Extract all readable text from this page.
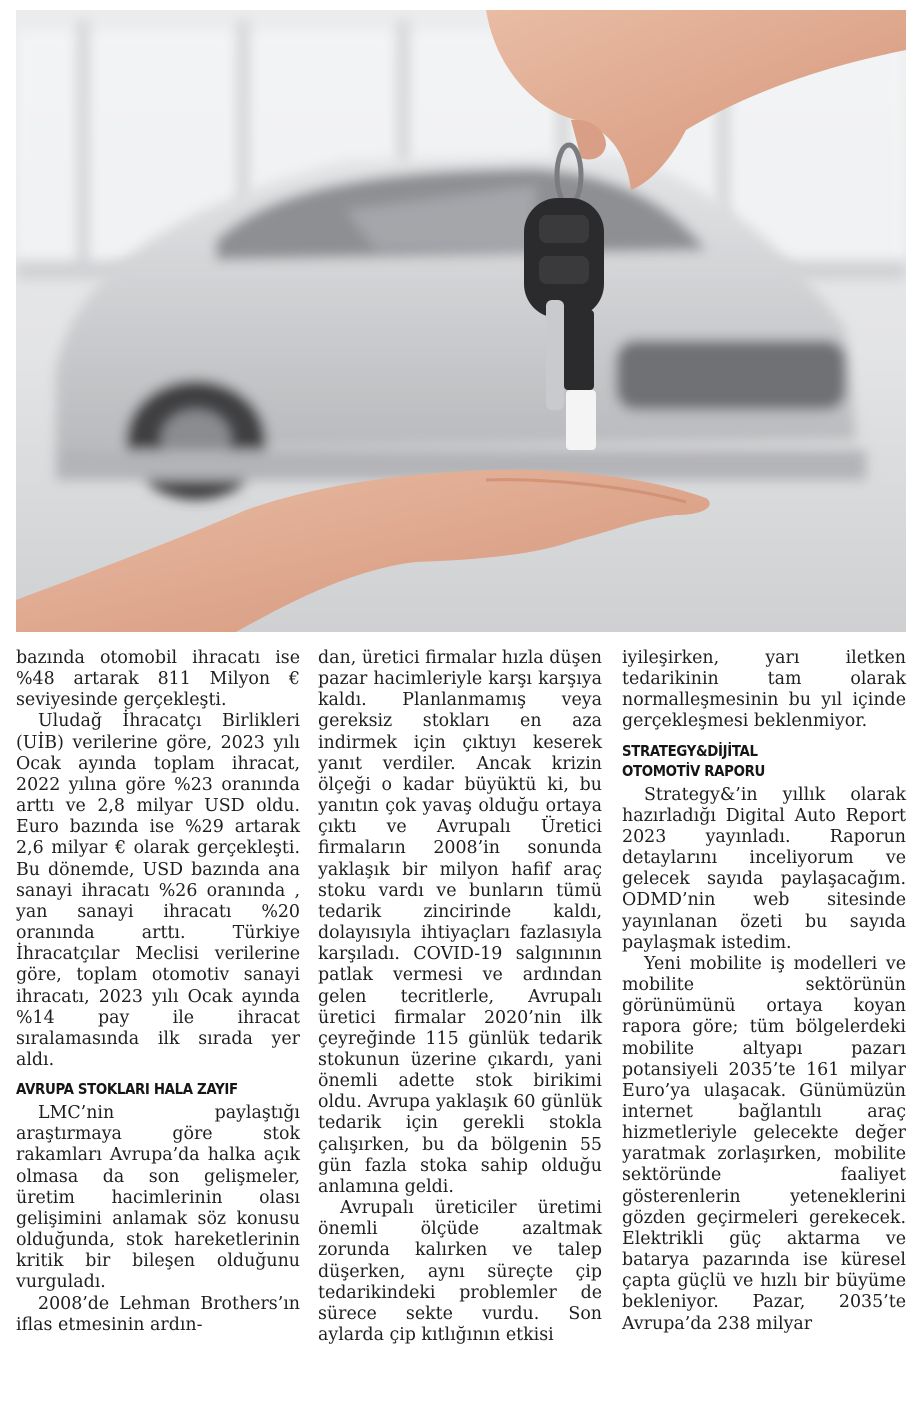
bazında otomobil ihracatı ise %48 artarak 811 Milyon € seviyesinde gerçekleşti.

Uludağ İhracatçı Birlikleri (UİB) verilerine göre, 2023 yılı Ocak ayında toplam ihracat, 2022 yılına göre %23 oranında arttı ve 2,8 milyar USD oldu. Euro bazında ise %29 artarak 2,6 milyar € olarak gerçekleşti. Bu dönemde, USD bazında ana sanayi ihracatı %26 oranında , yan sanayi ihracatı %20 oranında arttı. Türkiye İhracatçılar Meclisi verilerine göre, toplam otomotiv sanayi ihracatı, 2023 yılı Ocak ayında %14 pay ile ihracat sıralamasında ilk sırada yer aldı.

AVRUPA STOKLARI HALA ZAYIF

LMC’nin paylaştığı araştırmaya göre stok rakamları Avrupa’da halka açık olmasa da son gelişmeler, üretim hacimlerinin olası gelişimini anlamak söz konusu olduğunda, stok hareketlerinin kritik bir bileşen olduğunu vurguladı.

2008’de Lehman Brothers’ın iflas etmesinin ardın-

dan, üretici firmalar hızla düşen pazar hacimleriyle karşı karşıya kaldı. Planlanmamış veya gereksiz stokları en aza indirmek için çıktıyı keserek yanıt verdiler. Ancak krizin ölçeği o kadar büyüktü ki, bu yanıtın çok yavaş olduğu ortaya çıktı ve Avrupalı Üretici firmaların 2008’in sonunda yaklaşık bir milyon hafif araç stoku vardı ve bunların tümü tedarik zincirinde kaldı, dolayısıyla ihtiyaçları fazlasıyla karşıladı. COVID-19 salgınının patlak vermesi ve ardından gelen tecritlerle, Avrupalı üretici firmalar 2020’nin ilk çeyreğinde 115 günlük tedarik stokunun üzerine çıkardı, yani önemli adette stok birikimi oldu. Avrupa yaklaşık 60 günlük tedarik için gerekli stokla çalışırken, bu da bölgenin 55 gün fazla stoka sahip olduğu anlamına geldi.

Avrupalı üreticiler üretimi önemli ölçüde azaltmak zorunda kalırken ve talep düşerken, aynı süreçte çip tedarikindeki problemler de sürece sekte vurdu. Son aylarda çip kıtlığının etkisi

iyileşirken, yarı iletken tedarikinin tam olarak normalleşmesinin bu yıl içinde gerçekleşmesi beklenmiyor.

STRATEGY&DİJİTAL
OTOMOTİV RAPORU

Strategy&’in yıllık olarak hazırladığı Digital Auto Report 2023 yayınladı. Raporun detaylarını inceliyorum ve gelecek sayıda paylaşacağım. ODMD’nin web sitesinde yayınlanan özeti bu sayıda paylaşmak istedim.

Yeni mobilite iş modelleri ve mobilite sektörünün görünümünü ortaya koyan rapora göre; tüm bölgelerdeki mobilite altyapı pazarı potansiyeli 2035’te 161 milyar Euro’ya ulaşacak. Günümüzün internet bağlantılı araç hizmetleriyle gelecekte değer yaratmak zorlaşırken, mobilite sektöründe faaliyet gösterenlerin yeteneklerini gözden geçirmeleri gerekecek. Elektrikli güç aktarma ve batarya pazarında ise küresel çapta güçlü ve hızlı bir büyüme bekleniyor. Pazar, 2035’te Avrupa’da 238 milyar
